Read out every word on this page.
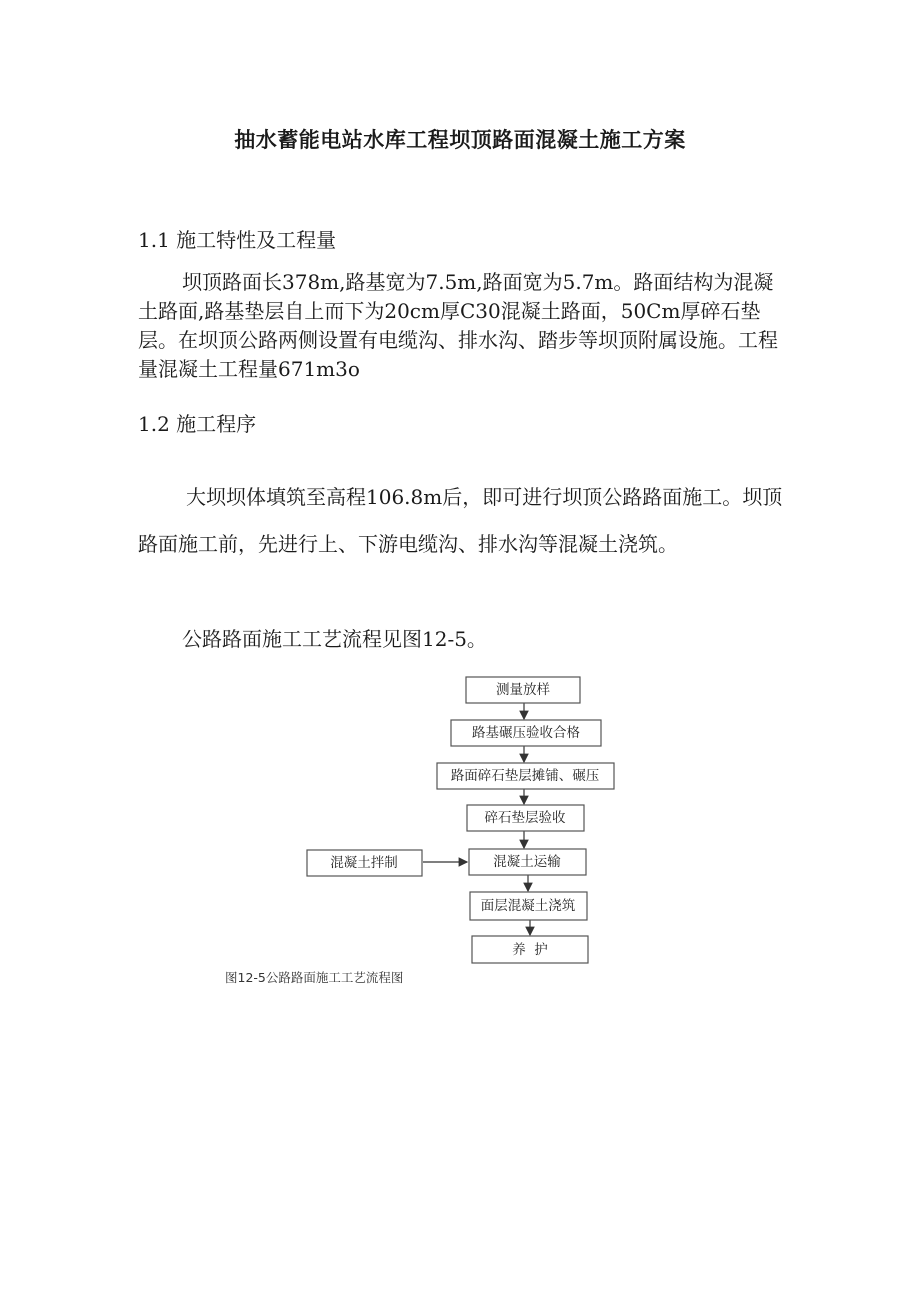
抽水蓄能电站水库工程坝顶路面混凝土施工方案
1.1 施工特性及工程量

坝顶路面长378m,路基宽为7.5m,路面宽为5.7m。路面结构为混凝土路面,路基垫层自上而下为20cm厚C30混凝土路面，50Cm厚碎石垫层。在坝顶公路两侧设置有电缆沟、排水沟、踏步等坝顶附属设施。工程量混凝土工程量671m3o

1.2 施工程序

大坝坝体填筑至高程106.8m后，即可进行坝顶公路路面施工。坝顶路面施工前，先进行上、下游电缆沟、排水沟等混凝土浇筑。

公路路面施工工艺流程见图12-5。

测量放样
路基碾压验收合格
路面碎石垫层摊铺、碾压
碎石垫层验收
混凝土运输
面层混凝土浇筑
养  护
混凝土拌制
图12-5公路路面施工工艺流程图
